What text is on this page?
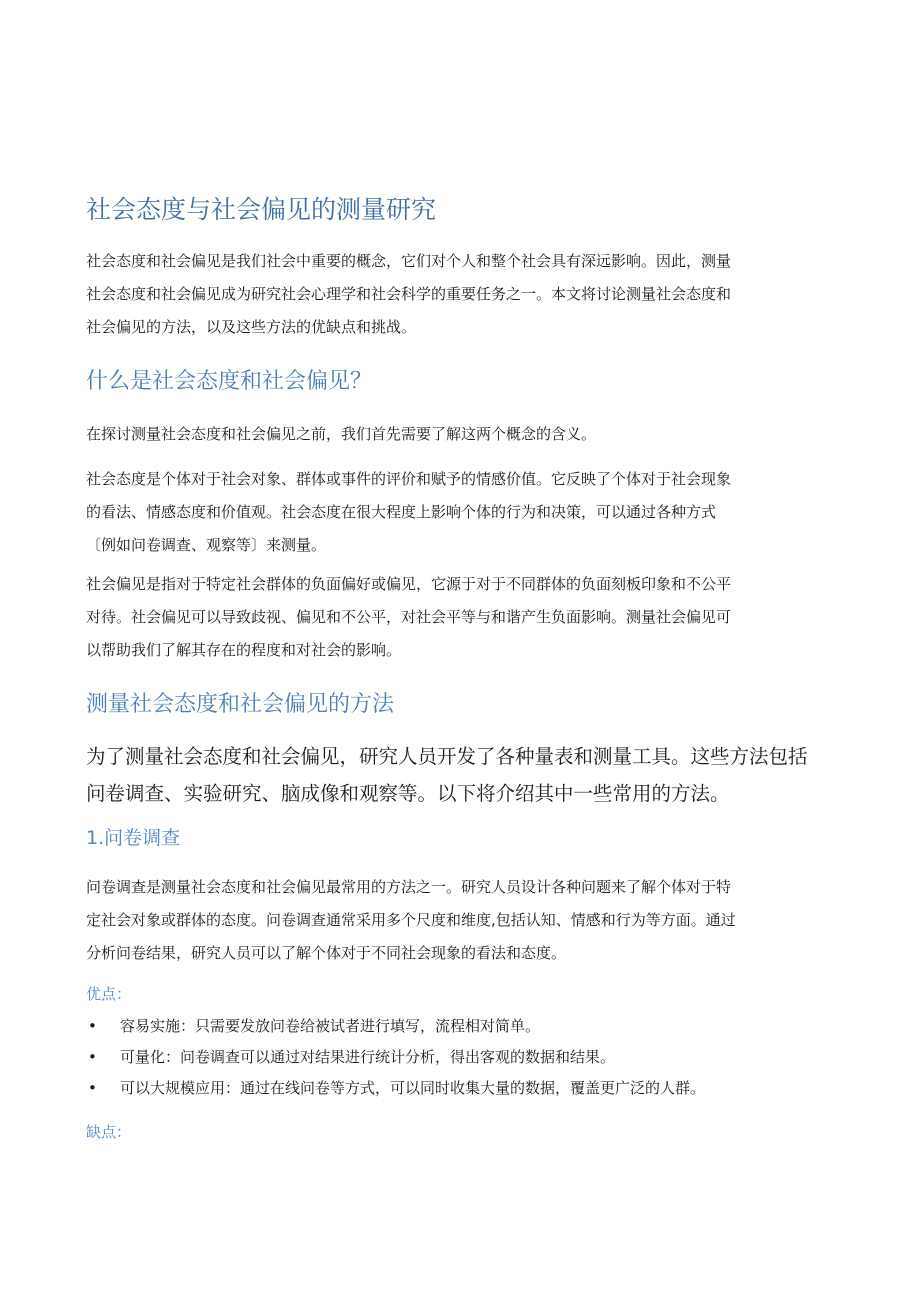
社会态度与社会偏见的测量研究
社会态度和社会偏见是我们社会中重要的概念，它们对个人和整个社会具有深远影响。因此，测量
社会态度和社会偏见成为研究社会心理学和社会科学的重要任务之一。本文将讨论测量社会态度和
社会偏见的方法，以及这些方法的优缺点和挑战。
什么是社会态度和社会偏见？
在探讨测量社会态度和社会偏见之前，我们首先需要了解这两个概念的含义。
社会态度是个体对于社会对象、群体或事件的评价和赋予的情感价值。它反映了个体对于社会现象
的看法、情感态度和价值观。社会态度在很大程度上影响个体的行为和决策，可以通过各种方式
〔例如问卷调查、观察等〕来测量。
社会偏见是指对于特定社会群体的负面偏好或偏见，它源于对于不同群体的负面刻板印象和不公平
对待。社会偏见可以导致歧视、偏见和不公平，对社会平等与和谐产生负面影响。测量社会偏见可
以帮助我们了解其存在的程度和对社会的影响。
测量社会态度和社会偏见的方法
为了测量社会态度和社会偏见，研究人员开发了各种量表和测量工具。这些方法包括
问卷调查、实验研究、脑成像和观察等。以下将介绍其中一些常用的方法。
1.问卷调查
问卷调查是测量社会态度和社会偏见最常用的方法之一。研究人员设计各种问题来了解个体对于特
定社会对象或群体的态度。问卷调查通常采用多个尺度和维度,包括认知、情感和行为等方面。通过
分析问卷结果，研究人员可以了解个体对于不同社会现象的看法和态度。
优点：
• 容易实施：只需要发放问卷给被试者进行填写，流程相对简单。
• 可量化：问卷调查可以通过对结果进行统计分析，得出客观的数据和结果。
• 可以大规模应用：通过在线问卷等方式，可以同时收集大量的数据，覆盖更广泛的人群。
缺点：
